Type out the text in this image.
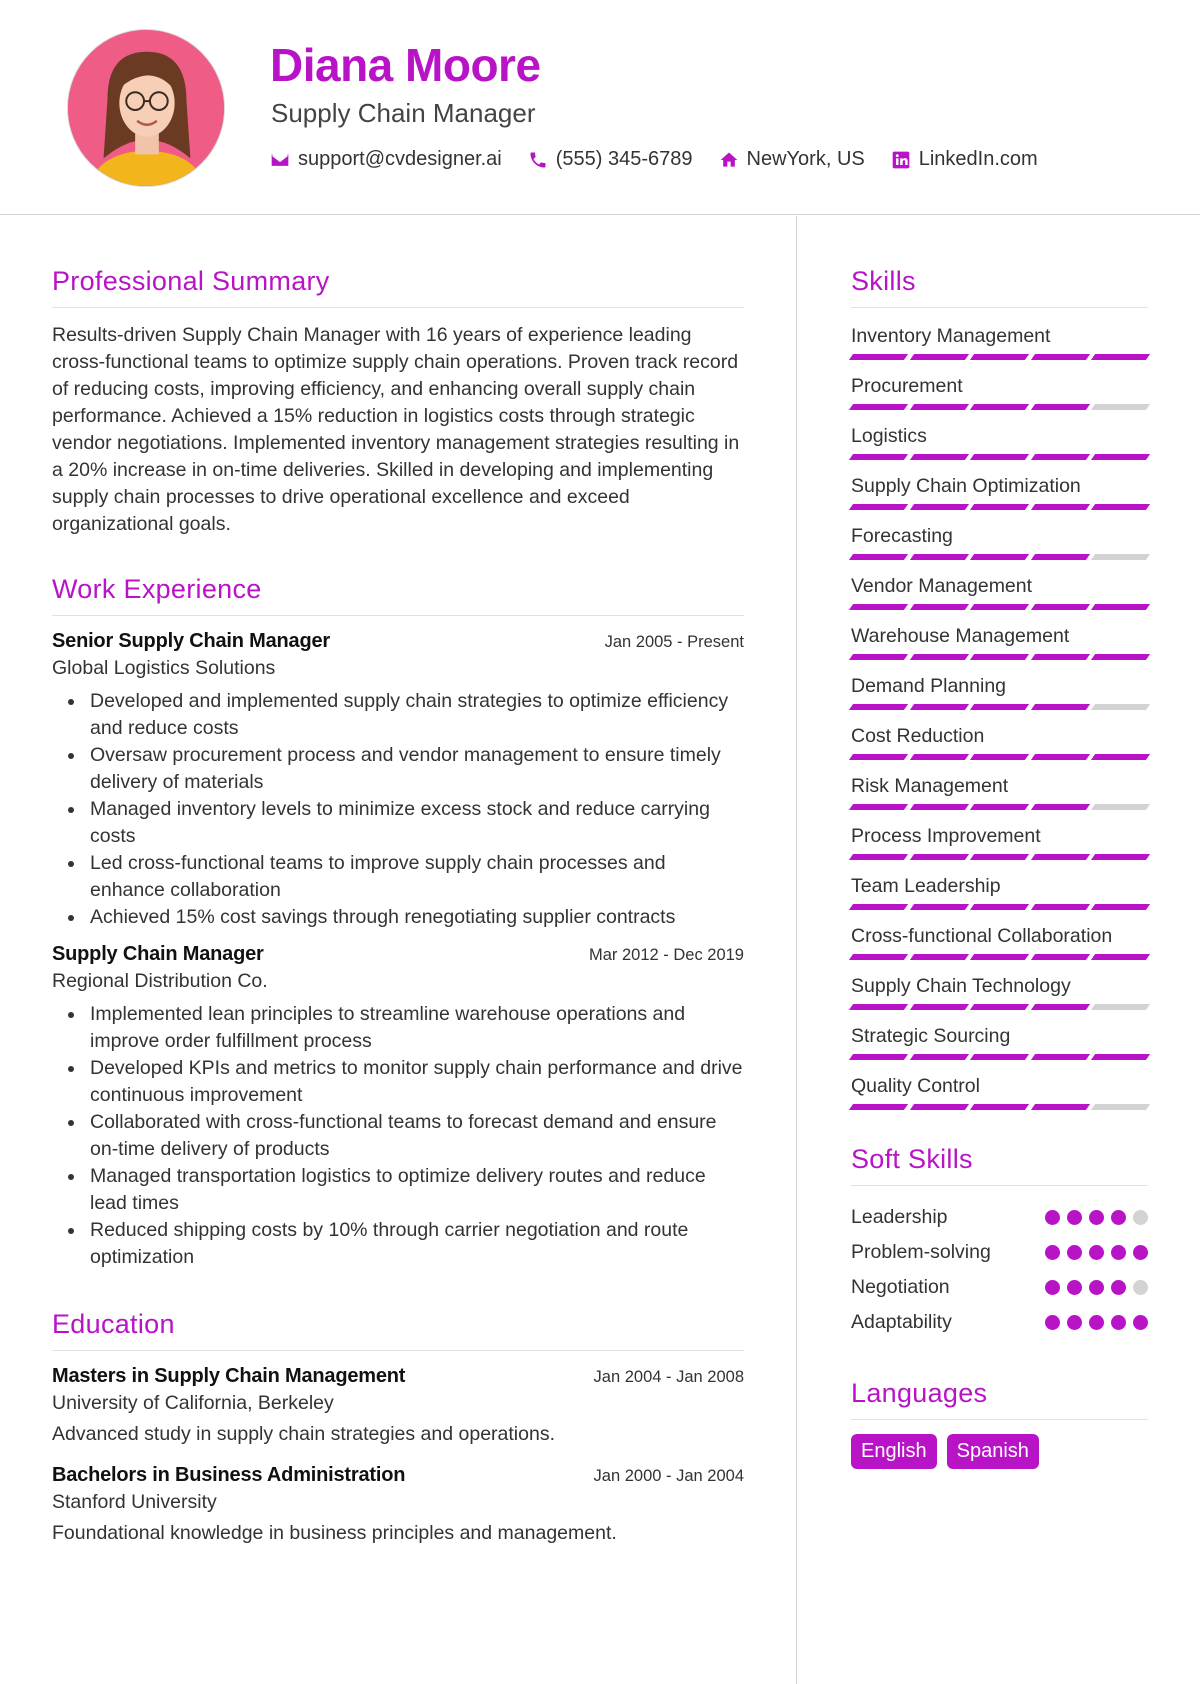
Diana Moore
Supply Chain Manager
support@cvdesigner.ai	(555) 345-6789	NewYork, US	LinkedIn.com
Professional Summary

Results-driven Supply Chain Manager with 16 years of experience leading cross-functional teams to optimize supply chain operations. Proven track record of reducing costs, improving efficiency, and enhancing overall supply chain performance. Achieved a 15% reduction in logistics costs through strategic vendor negotiations. Implemented inventory management strategies resulting in a 20% increase in on-time deliveries. Skilled in developing and implementing supply chain processes to drive operational excellence and exceed organizational goals.

Work Experience
Senior Supply Chain Manager	Jan 2005 - Present
Global Logistics Solutions
Developed and implemented supply chain strategies to optimize efficiency and reduce costs
Oversaw procurement process and vendor management to ensure timely delivery of materials
Managed inventory levels to minimize excess stock and reduce carrying costs
Led cross-functional teams to improve supply chain processes and enhance collaboration
Achieved 15% cost savings through renegotiating supplier contracts
Supply Chain Manager	Mar 2012 - Dec 2019
Regional Distribution Co.
Implemented lean principles to streamline warehouse operations and improve order fulfillment process
Developed KPIs and metrics to monitor supply chain performance and drive continuous improvement
Collaborated with cross-functional teams to forecast demand and ensure on-time delivery of products
Managed transportation logistics to optimize delivery routes and reduce lead times
Reduced shipping costs by 10% through carrier negotiation and route optimization
Education
Masters in Supply Chain Management	Jan 2004 - Jan 2008
University of California, Berkeley
Advanced study in supply chain strategies and operations.
Bachelors in Business Administration	Jan 2000 - Jan 2004
Stanford University
Foundational knowledge in business principles and management.
Skills
Inventory Management
Procurement
Logistics
Supply Chain Optimization
Forecasting
Vendor Management
Warehouse Management
Demand Planning
Cost Reduction
Risk Management
Process Improvement
Team Leadership
Cross-functional Collaboration
Supply Chain Technology
Strategic Sourcing
Quality Control
Soft Skills
Leadership
Problem-solving
Negotiation
Adaptability
Languages
English	Spanish
